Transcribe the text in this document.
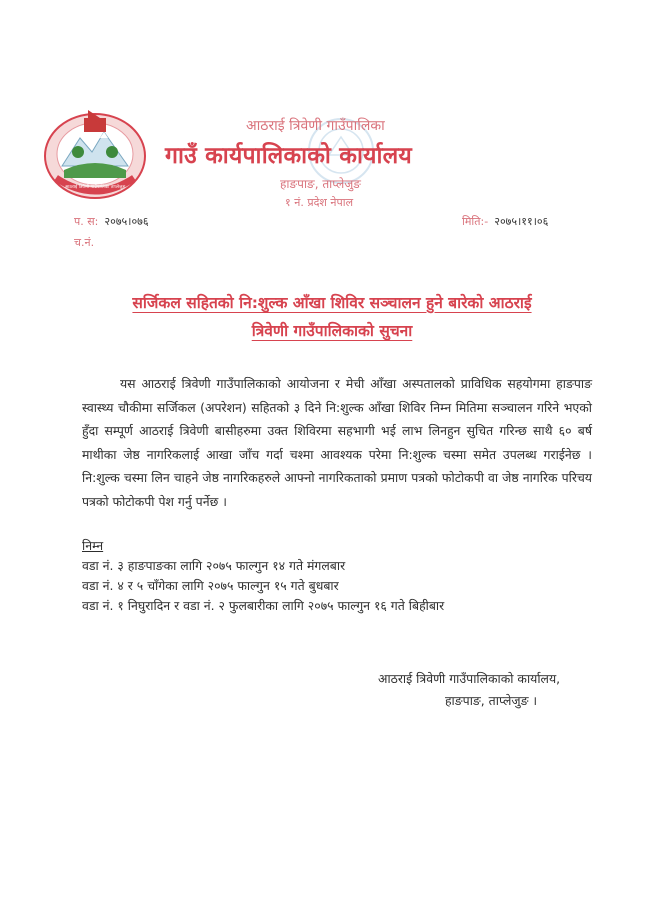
आठराई त्रिवेणी गाउँपालिका ताप्लेजुङ
आठराई त्रिवेणी गाउँपालिका
गाउँ कार्यपालिकाको कार्यालय
हाङपाङ, ताप्लेजुङ
१ नं. प्रदेश नेपाल
प. स: २०७५।०७६	मिति:- २०७५।११।०६
च.नं.
सर्जिकल सहितको नि:शुल्क आँखा शिविर सञ्चालन हुने बारेको आठराई
त्रिवेणी गाउँपालिकाको सुचना

यस आठराई त्रिवेणी गाउँपालिकाको आयोजना र मेची आँखा अस्पतालको प्राविधिक सहयोगमा हाङपाङ स्वास्थ्य चौकीमा सर्जिकल (अपरेशन) सहितको ३ दिने नि:शुल्क आँखा शिविर निम्न मितिमा सञ्चालन गरिने भएको हुँदा सम्पूर्ण आठराई त्रिवेणी बासीहरुमा उक्त शिविरमा सहभागी भई लाभ लिनहुन सुचित गरिन्छ साथै ६० बर्ष माथीका जेष्ठ नागरिकलाई आखा जाँच गर्दा चश्मा आवश्यक परेमा नि:शुल्क चस्मा समेत उपलब्ध गराईनेछ । नि:शुल्क चस्मा लिन चाहने जेष्ठ नागरिकहरुले आफ्नो नागरिकताको प्रमाण पत्रको फोटोकपी वा जेष्ठ नागरिक परिचय पत्रको फोटोकपी पेश गर्नु पर्नेछ ।

निम्न
वडा नं. ३ हाङपाङका लागि २०७५ फाल्गुन १४ गते मंगलबार
वडा नं. ४ र ५ चाँगेका लागि २०७५ फाल्गुन १५ गते बुधबार
वडा नं. १ निघुरादिन र वडा नं. २ फुलबारीका लागि २०७५ फाल्गुन १६ गते बिहीबार
आठराई त्रिवेणी गाउँपालिकाको कार्यालय,
हाङपाङ, ताप्लेजुङ ।
